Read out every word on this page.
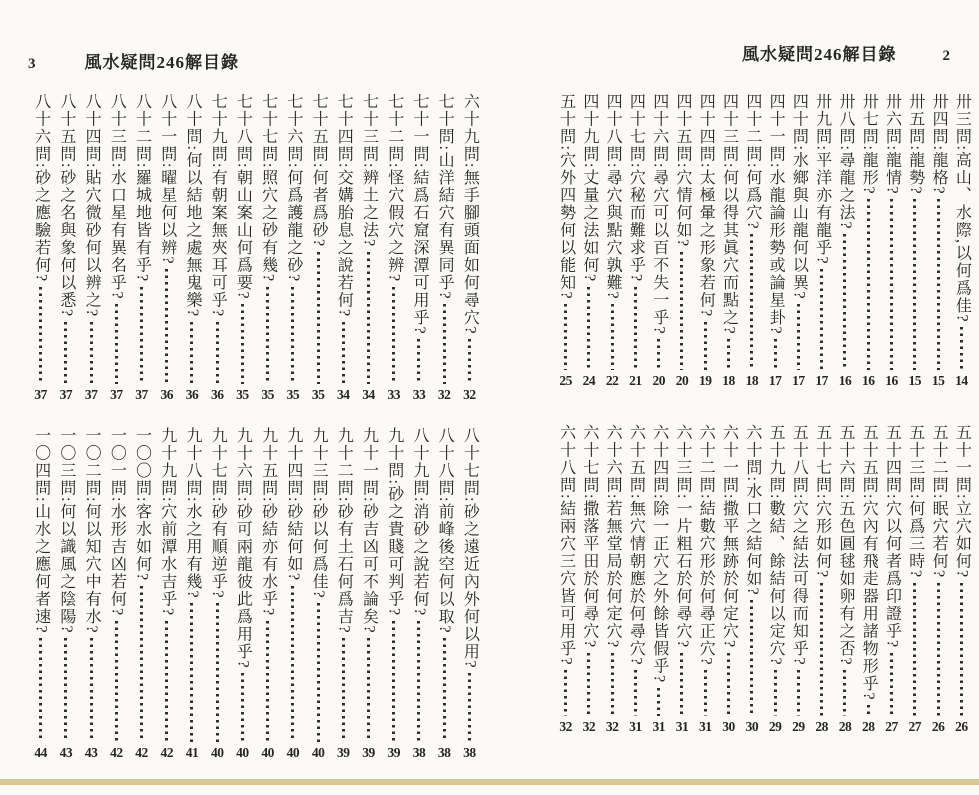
3	風水疑問246解目錄
六十九問:無手腳頭面如何尋穴?
32
七十問:山洋結穴有異同乎?
32
七十一問:結爲石窟深潭可用乎?
33
七十二問:怪穴假穴之辨?
33
七十三問:辨土之法?
34
七十四問:交媾胎息之說若何?
34
七十五問:何者爲砂?
35
七十六問:何爲護龍之砂?
35
七十七問:照穴之砂有幾?
35
七十八問:朝山案山何爲要?
35
七十九問:有朝案無夾耳可乎?
36
八十問:何以結地之處無鬼樂?
36
八十一問:曜星何以辨?
36
八十二問:羅城地皆有乎?
37
八十三問:水口星有異名乎?
37
八十四問:貼穴微砂何以辨之?
37
八十五問:砂之名與象何以悉?
37
八十六問:砂之應驗若何?
37
八十七問:砂之遠近內外何以用?
38
八十八問:前峰後空何以取?
38
八十九問:消砂之說若何?
38
九十問:砂之貴賤可判乎?
39
九十一問:砂吉凶可不論矣?
39
九十二問:砂有土石何爲吉?
39
九十三問:砂以何爲佳?
40
九十四問:砂結何如?
40
九十五問:砂結亦有水乎?
40
九十六問:砂可兩龍彼此爲用乎?
40
九十七問:砂有順逆乎?
40
九十八問:水之用有幾?
41
九十九問:穴前潭水吉乎?
42
一〇〇問:客水如何?
42
一〇一問:水形吉凶若何?
42
一〇二問:何以知穴中有水?
43
一〇三問:何以識風之陰陽?
43
一〇四問:山水之應何者速?
44
風水疑問246解目錄	2
卅三問:高山、水際,以何爲佳?
14
卅四問:龍格?
15
卅五問:龍勢?
15
卅六問:龍情?
16
卅七問:龍形?
16
卅八問:尋龍之法?
16
卅九問:平洋亦有龍乎?
17
四十問:水鄉與山龍何以異?
17
四十一問:水龍論形勢或論星卦?
17
四十二問:何爲穴?
18
四十三問:何以得其眞穴而點之?
18
四十四問:太極暈之形象若何?
19
四十五問:穴情何如?
20
四十六問:尋穴可以百不失一乎?
20
四十七問:穴秘而難求乎?
21
四十八問:尋穴與點穴孰難?
22
四十九問:丈量之法如何?
24
五十問:穴外四勢何以能知?
25
五十一問:立穴如何?
26
五十二問:眠穴若何?
26
五十三問:何爲三時?
27
五十四問:穴以何者爲印證乎?
27
五十五問:穴內有飛走器用諸物形乎?
28
五十六問:五色圓毬如卵有之否?
28
五十七問:穴形如何?
28
五十八問:穴之結法可得而知乎?
29
五十九問:數結、餘結何以定穴?
29
六十問:水口之結何如?
30
六十一問:撒平無跡於何定穴?
30
六十二問:結數穴形於何尋正穴?
31
六十三問:一片粗石於何尋穴?
31
六十四問:除一正穴之外餘皆假乎?
31
六十五問:無穴情朝應於何尋穴?
31
六十六問:若無堂局於何定穴?
32
六十七問:撒落平田於何尋穴?
32
六十八問:結兩穴三穴皆可用乎?
32
